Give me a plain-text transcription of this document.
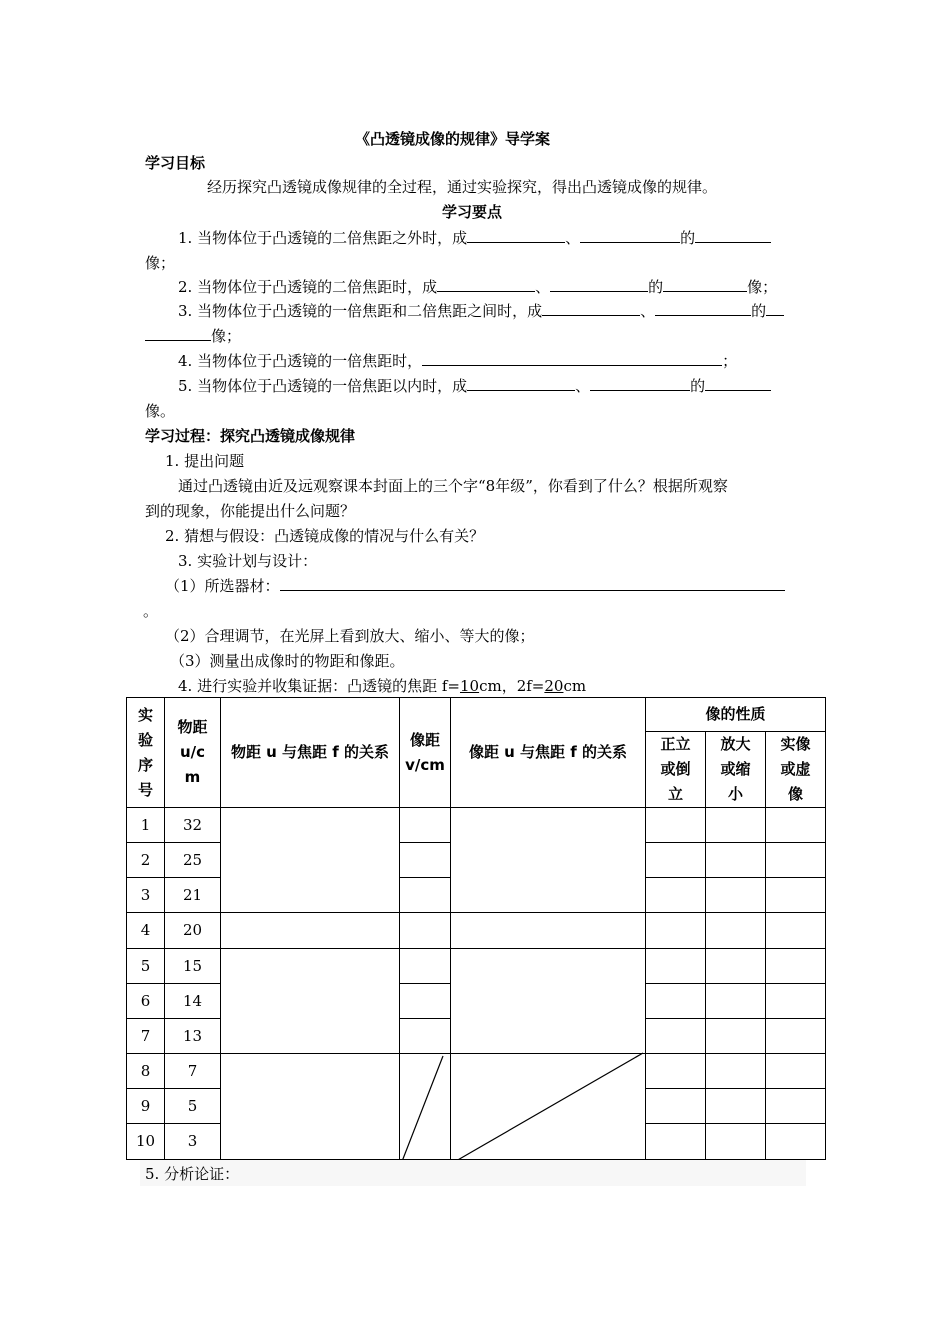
《凸透镜成像的规律》导学案
学习目标
经历探究凸透镜成像规律的全过程，通过实验探究，得出凸透镜成像的规律。
学习要点
1. 当物体位于凸透镜的二倍焦距之外时，成	、	的
像；
2. 当物体位于凸透镜的二倍焦距时，成	、	的	像；
3. 当物体位于凸透镜的一倍焦距和二倍焦距之间时，成	、	的
像；
4. 当物体位于凸透镜的一倍焦距时，	；
5. 当物体位于凸透镜的一倍焦距以内时，成	、	的
像。
学习过程：探究凸透镜成像规律
1. 提出问题
通过凸透镜由近及远观察课本封面上的三个字“8年级”，你看到了什么？根据所观察
到的现象，你能提出什么问题？
2. 猜想与假设：凸透镜成像的情况与什么有关？
3. 实验计划与设计：
（1）所选器材：
。
（2）合理调节，在光屏上看到放大、缩小、等大的像；
（3）测量出成像时的物距和像距。
4. 进行实验并收集证据：凸透镜的焦距 f=10cm，2f=20cm
实验序号	物距u/cm	物距 u 与焦距 f 的关系	像距v/cm	像距 u 与焦距 f 的关系	像的性质		

					正立或倒立	放大或缩小	实像或虚像

1	32						
2	25						
3	21						
4	20						
5	15						
6	14						
7	13						
8	7						
9	5						
10	3						
5. 分析论证：
